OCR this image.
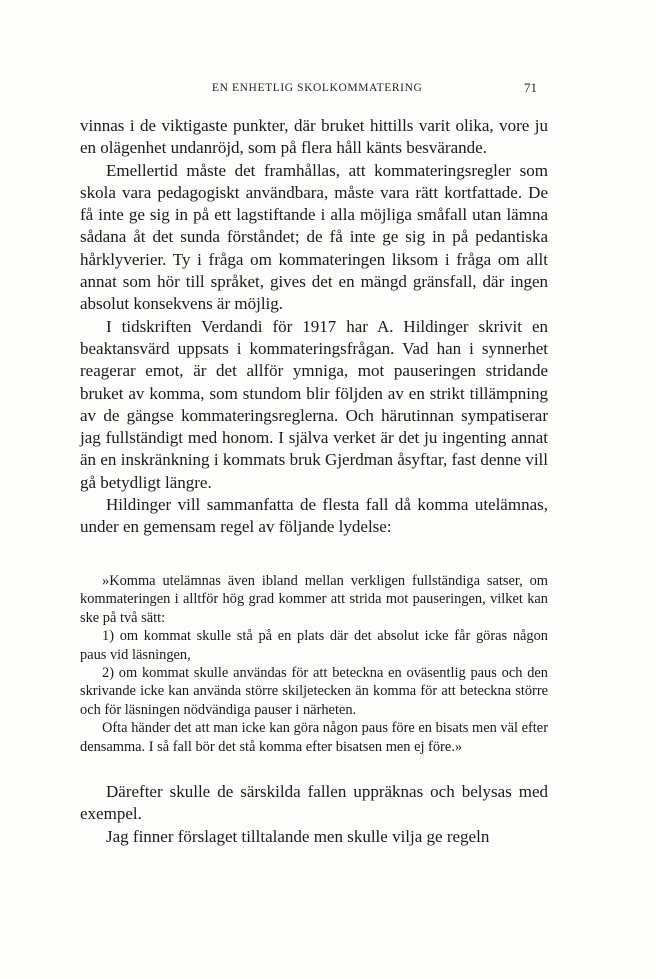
EN ENHETLIG SKOLKOMMATERING	71

vinnas i de viktigaste punkter, där bruket hittills varit olika, vore ju en olägenhet undanröjd, som på flera håll känts besvärande.

Emellertid måste det framhållas, att kommateringsregler som skola vara pedagogiskt användbara, måste vara rätt kortfattade. De få inte ge sig in på ett lagstiftande i alla möjliga småfall utan lämna sådana åt det sunda förståndet; de få inte ge sig in på pedantiska hårklyverier. Ty i fråga om kommateringen liksom i fråga om allt annat som hör till språket, gives det en mängd gränsfall, där ingen absolut konsekvens är möjlig.

I tidskriften Verdandi för 1917 har A. Hildinger skrivit en beaktansvärd uppsats i kommateringsfrågan. Vad han i synnerhet reagerar emot, är det allför ymniga, mot pauseringen stridande bruket av komma, som stundom blir följden av en strikt tillämpning av de gängse kommateringsreglerna. Och härutinnan sympatiserar jag fullständigt med honom. I själva verket är det ju ingenting annat än en inskränkning i kommats bruk Gjerdman åsyftar, fast denne vill gå betydligt längre.

Hildinger vill sammanfatta de flesta fall då komma utelämnas, under en gemensam regel av följande lydelse:

»Komma utelämnas även ibland mellan verkligen fullständiga satser, om kommateringen i alltför hög grad kommer att strida mot pauseringen, vilket kan ske på två sätt:

1) om kommat skulle stå på en plats där det absolut icke får göras någon paus vid läsningen,

2) om kommat skulle användas för att beteckna en oväsentlig paus och den skrivande icke kan använda större skiljetecken än komma för att beteckna större och för läsningen nödvändiga pauser i närheten.

Ofta händer det att man icke kan göra någon paus före en bisats men väl efter densamma. I så fall bör det stå komma efter bisatsen men ej före.»

Därefter skulle de särskilda fallen uppräknas och belysas med exempel.

Jag finner förslaget tilltalande men skulle vilja ge regeln
